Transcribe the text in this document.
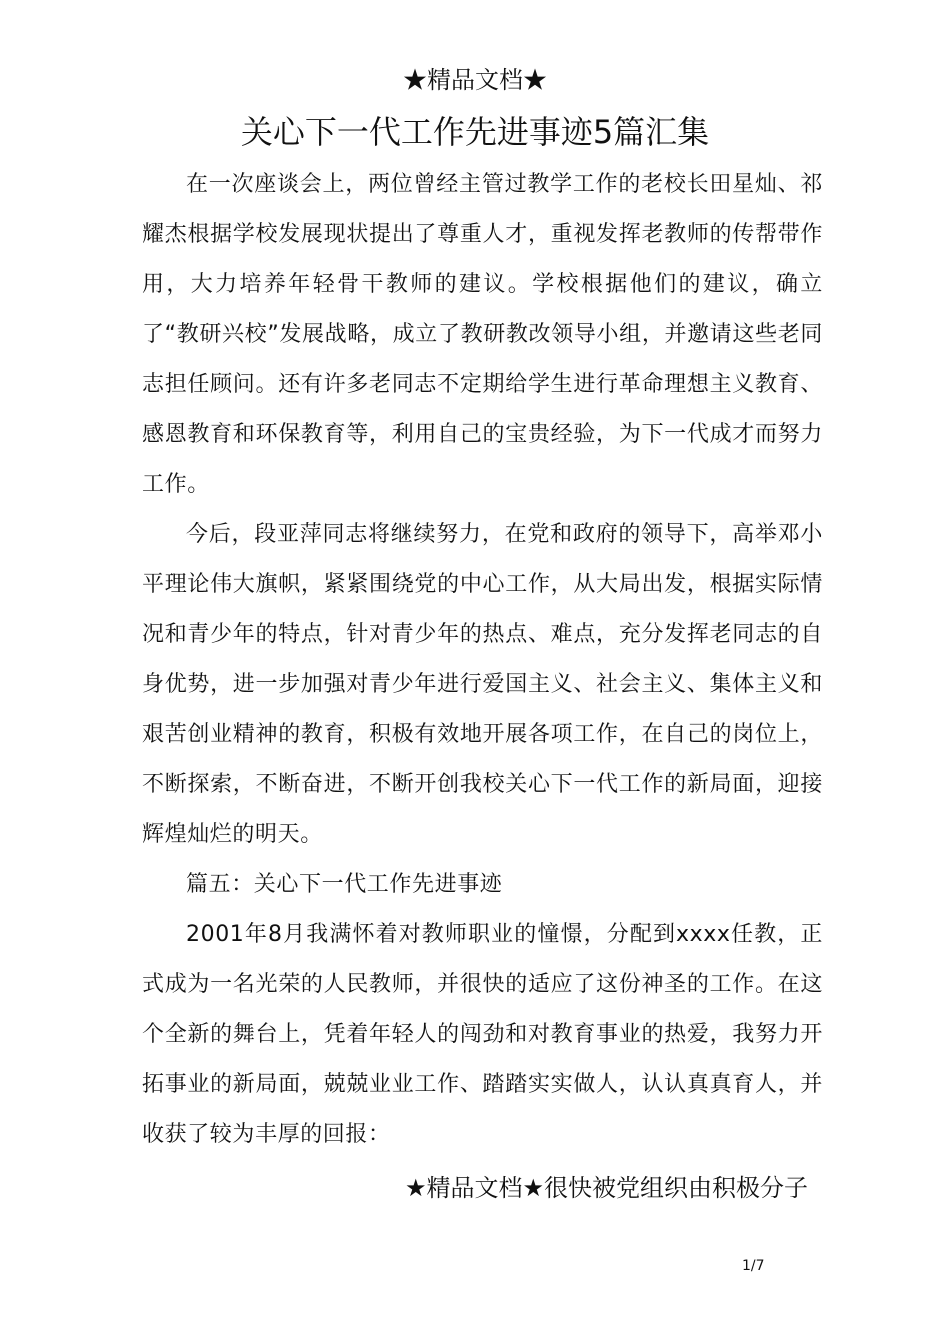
★精品文档★
关心下一代工作先进事迹5篇汇集

在一次座谈会上，两位曾经主管过教学工作的老校长田星灿、祁耀杰根据学校发展现状提出了尊重人才，重视发挥老教师的传帮带作用，大力培养年轻骨干教师的建议。学校根据他们的建议，确立了“教研兴校”发展战略，成立了教研教改领导小组，并邀请这些老同志担任顾问。还有许多老同志不定期给学生进行革命理想主义教育、感恩教育和环保教育等，利用自己的宝贵经验，为下一代成才而努力工作。

今后，段亚萍同志将继续努力，在党和政府的领导下，高举邓小平理论伟大旗帜，紧紧围绕党的中心工作，从大局出发，根据实际情况和青少年的特点，针对青少年的热点、难点，充分发挥老同志的自身优势，进一步加强对青少年进行爱国主义、社会主义、集体主义和艰苦创业精神的教育，积极有效地开展各项工作，在自己的岗位上，不断探索，不断奋进，不断开创我校关心下一代工作的新局面，迎接辉煌灿烂的明天。

篇五：关心下一代工作先进事迹

2001年8月我满怀着对教师职业的憧憬，分配到xxxx任教，正式成为一名光荣的人民教师，并很快的适应了这份神圣的工作。在这个全新的舞台上，凭着年轻人的闯劲和对教育事业的热爱，我努力开拓事业的新局面，兢兢业业工作、踏踏实实做人，认认真真育人，并收获了较为丰厚的回报：

★精品文档★很快被党组织由积极分子
1/7
